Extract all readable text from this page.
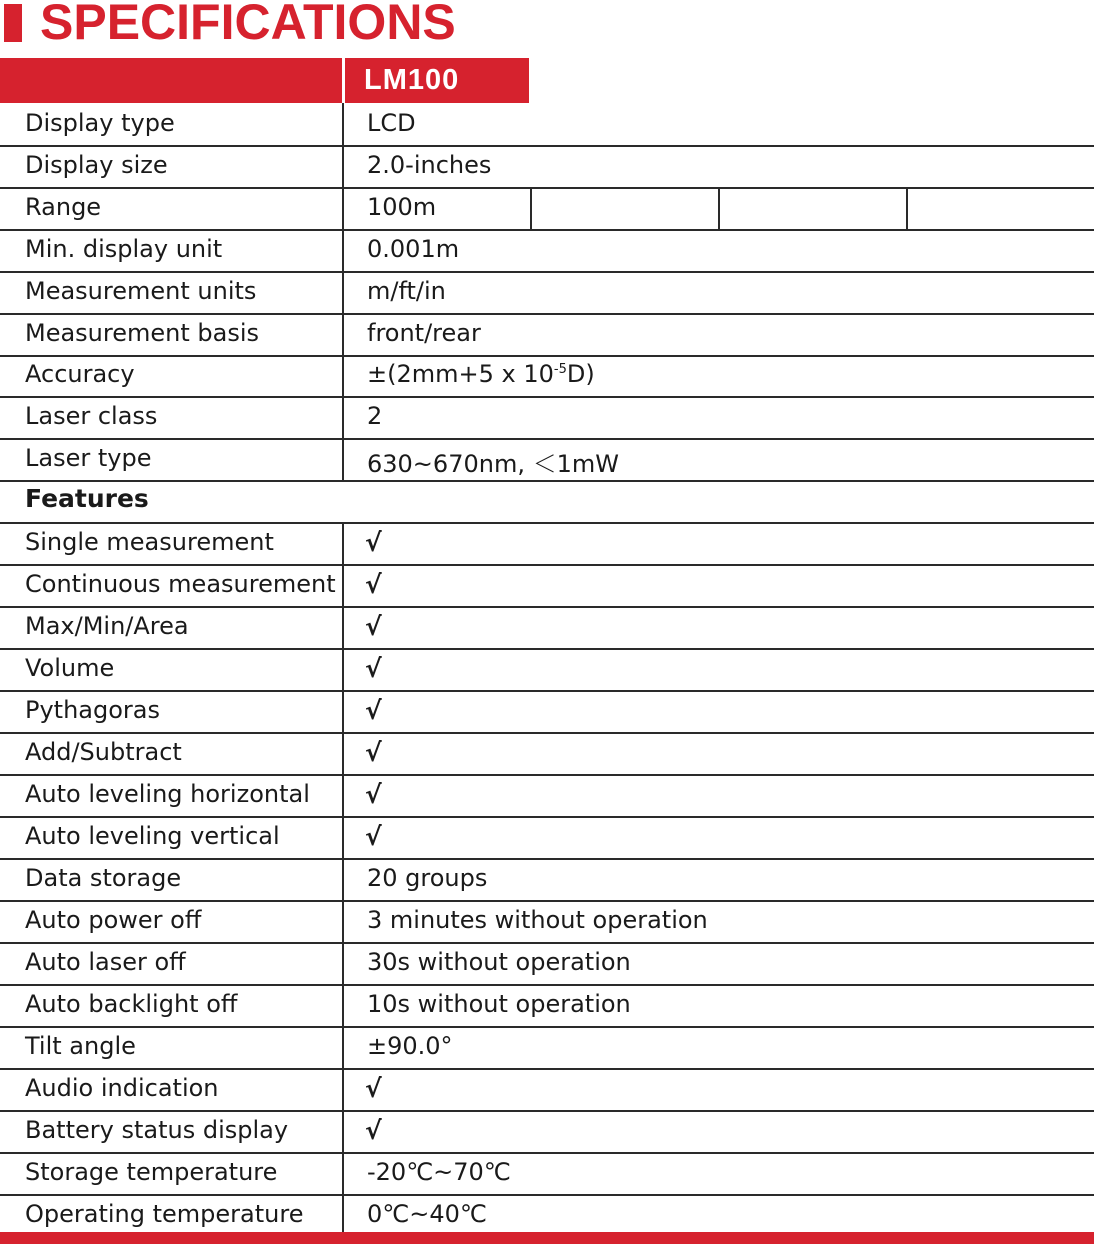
SPECIFICATIONS
LM100
Display type	LCD
Display size	2.0-inches
Range	100m
Min. display unit	0.001m
Measurement units	m/ft/in
Measurement basis	front/rear
Accuracy	±(2mm+5 x $10^{-5}D$)
Laser class	2
Laser type	630~670nm, ＜1mW
Features
Single measurement	√
Continuous measurement √
Max/Min/Area	√
Volume	√
Pythagoras	√
Add/Subtract	√
Auto leveling horizontal √
Auto leveling vertical	√
Data storage	20 groups
Auto power off	3 minutes without operation
Auto laser off	30s without operation
Auto backlight off	10s without operation
Tilt angle	±90.0°
Audio indication	√
Battery status display	√
Storage temperature	-20℃~70℃
Operating temperature	0℃~40℃
